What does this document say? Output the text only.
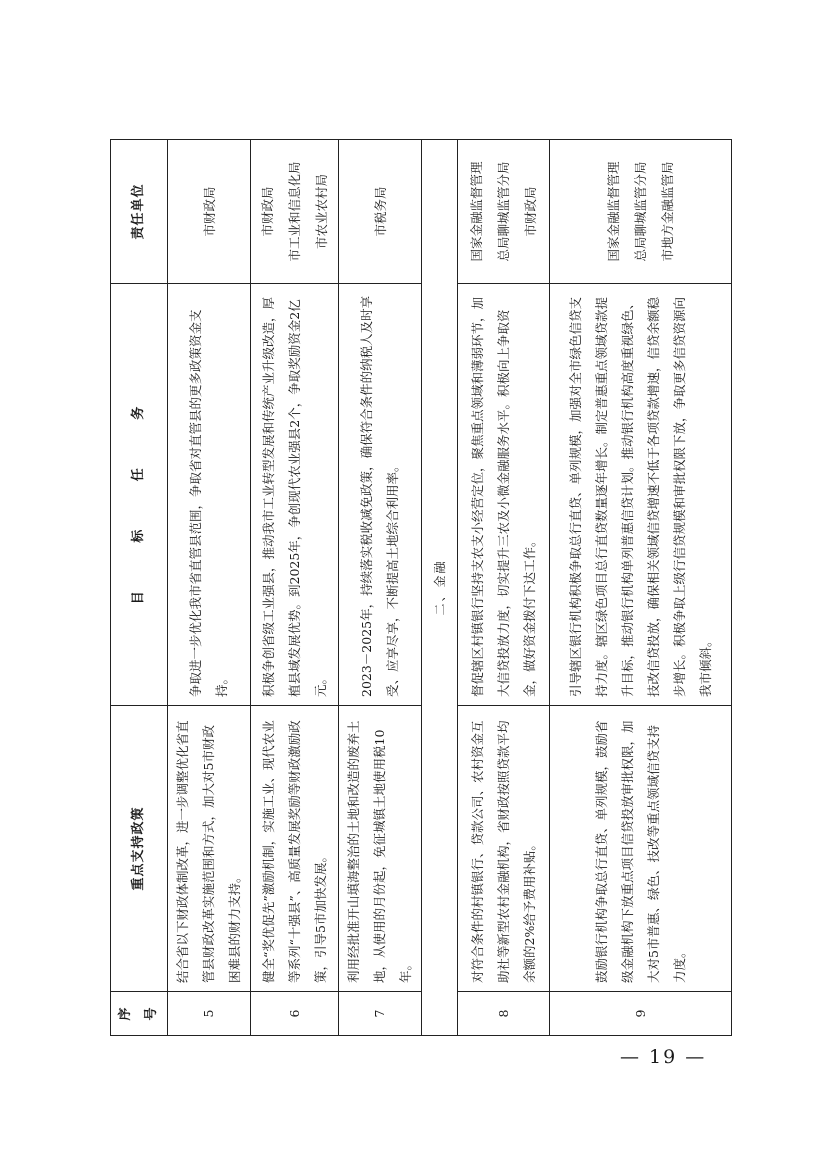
序号	重点支持政策	目 标 任 务	责任单位
5	结合省以下财政体制改革，进一步调整优化省直管县财政改革实施范围和方式，加大对5市财政困难县的财力支持。	争取进一步优化我市省直管县范围，争取省对直管县的更多政策资金支持。	市财政局

6	健全“奖优促先”激励机制，实施工业、现代农业等系列“十强县”、高质量发展奖励等财政激励政策，引导5市加快发展。	积极争创省级工业强县，推动我市工业转型发展和传统产业升级改造，厚植县域发展优势。到2025年，争创现代农业强县2个，争取奖励资金2亿元。	市财政局 市工业和信息化局 市农业农村局

7	利用经批准开山填海整治的土地和改造的废弃土地，从使用的月份起，免征城镇土地使用税10年。	2023－2025年，持续落实税收减免政策，确保符合条件的纳税人及时享受、应享尽享，不断提高土地综合利用率。	市税务局

二、金融			
8	对符合条件的村镇银行、贷款公司、农村资金互助社等新型农村金融机构，省财政按照贷款平均余额的2%给予费用补贴。	督促辖区村镇银行坚持支农支小经营定位，聚焦重点领域和薄弱环节，加大信贷投放力度，切实提升三农及小微金融服务水平。积极向上争取资金，做好资金拨付下达工作。	国家金融监督管理 总局聊城监管分局 市财政局

9	鼓励银行机构争取总行直贷、单列规模，鼓励省级金融机构下放重点项目信贷投放审批权限，加大对5市普惠、绿色、技改等重点领域信贷支持力度。	引导辖区银行机构积极争取总行直贷、单列规模，加强对全市绿色信贷支持力度。辖区绿色项目总行直贷数量逐年增长。制定普惠重点领域贷款提升目标，推动银行机构单列普惠信贷计划。推动银行机构高度重视绿色、技改信贷投放，确保相关领域信贷增速不低于各项贷款增速，信贷余额稳步增长。积极争取上级行信贷规模和审批权限下放，争取更多信贷资源向我市倾斜。	国家金融监督管理 总局聊城监管分局 市地方金融监管局
— 19 —
